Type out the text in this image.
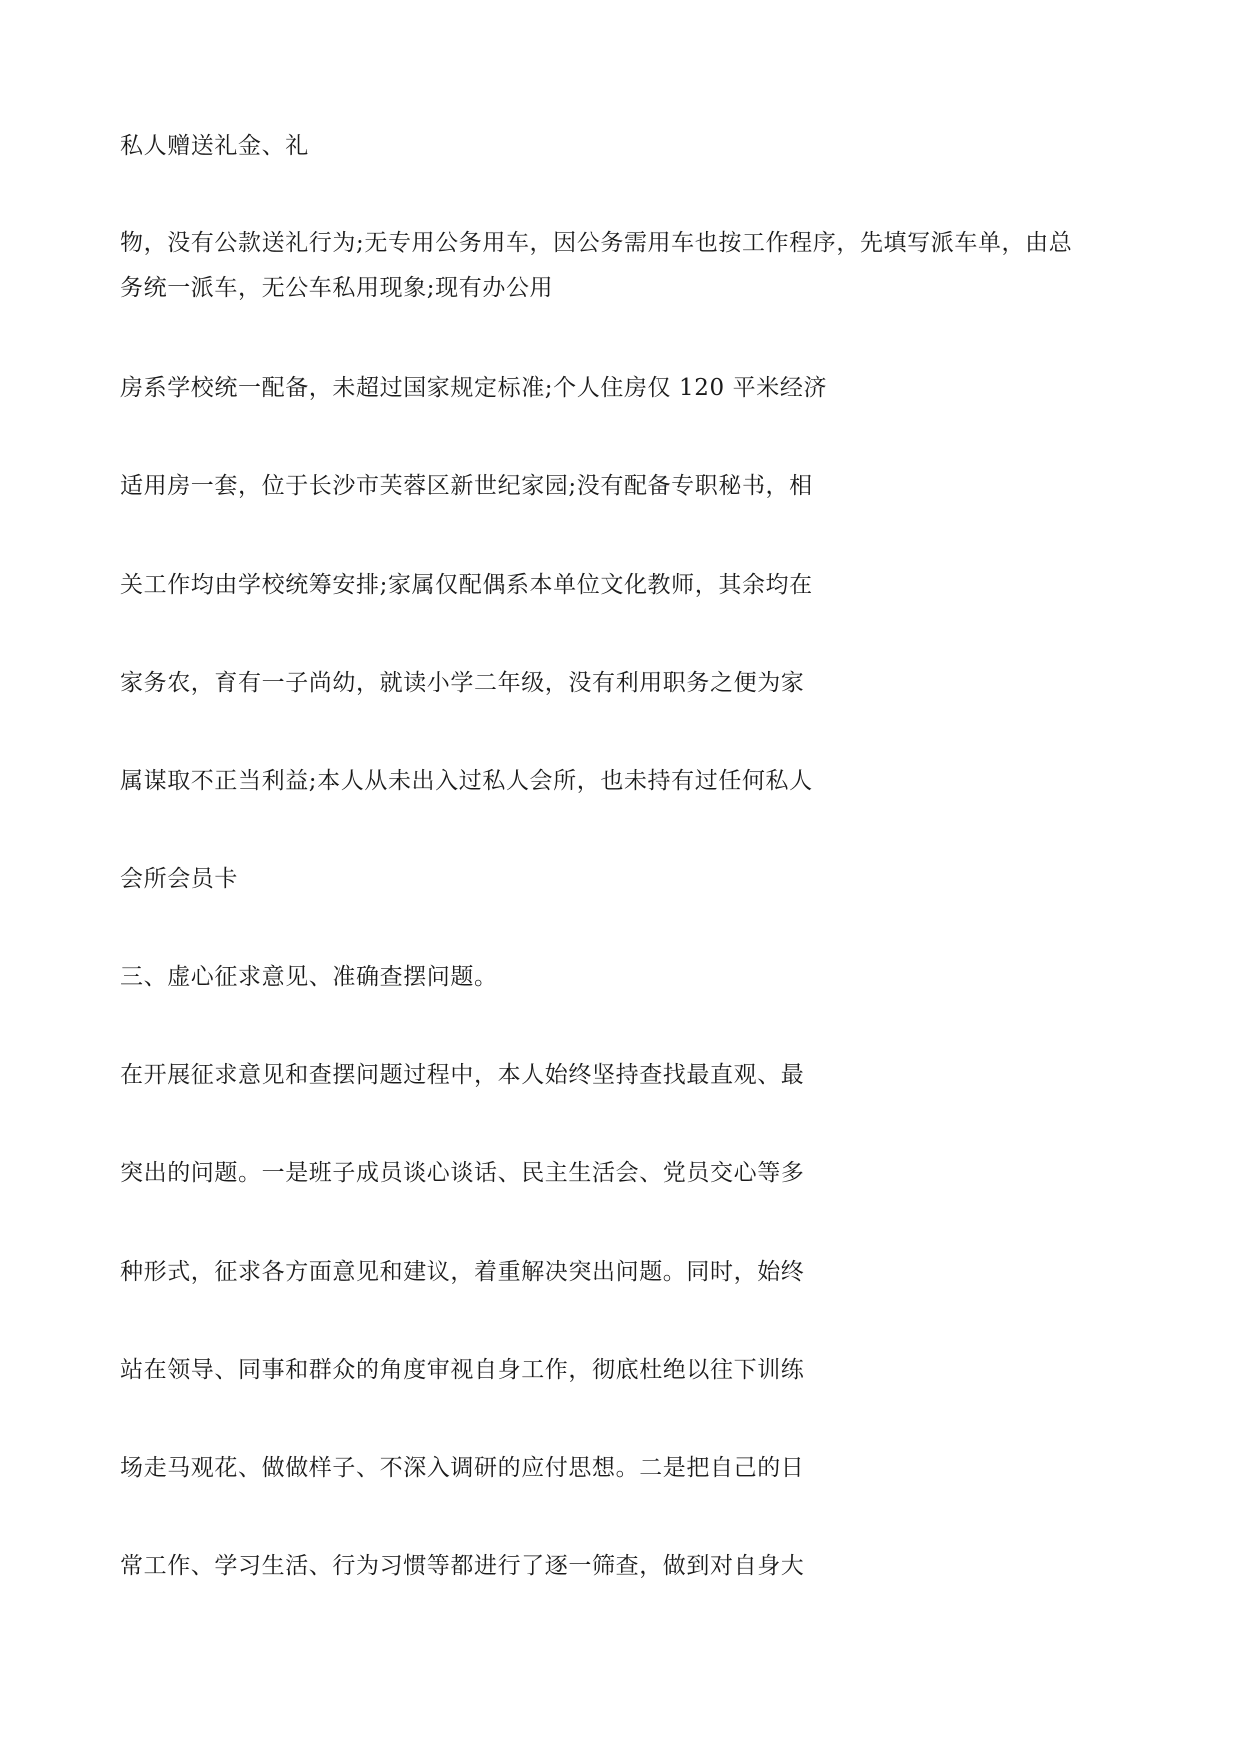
私人赠送礼金、礼

物，没有公款送礼行为;无专用公务用车，因公务需用车也按工作程序，先填写派车单，由总

务统一派车，无公车私用现象;现有办公用

房系学校统一配备，未超过国家规定标准;个人住房仅 120 平米经济

适用房一套，位于长沙市芙蓉区新世纪家园;没有配备专职秘书，相

关工作均由学校统筹安排;家属仅配偶系本单位文化教师，其余均在

家务农，育有一子尚幼，就读小学二年级，没有利用职务之便为家

属谋取不正当利益;本人从未出入过私人会所，也未持有过任何私人

会所会员卡

三、虚心征求意见、准确查摆问题。

在开展征求意见和查摆问题过程中，本人始终坚持查找最直观、最

突出的问题。一是班子成员谈心谈话、民主生活会、党员交心等多

种形式，征求各方面意见和建议，着重解决突出问题。同时，始终

站在领导、同事和群众的角度审视自身工作，彻底杜绝以往下训练

场走马观花、做做样子、不深入调研的应付思想。二是把自己的日

常工作、学习生活、行为习惯等都进行了逐一筛查，做到对自身大
